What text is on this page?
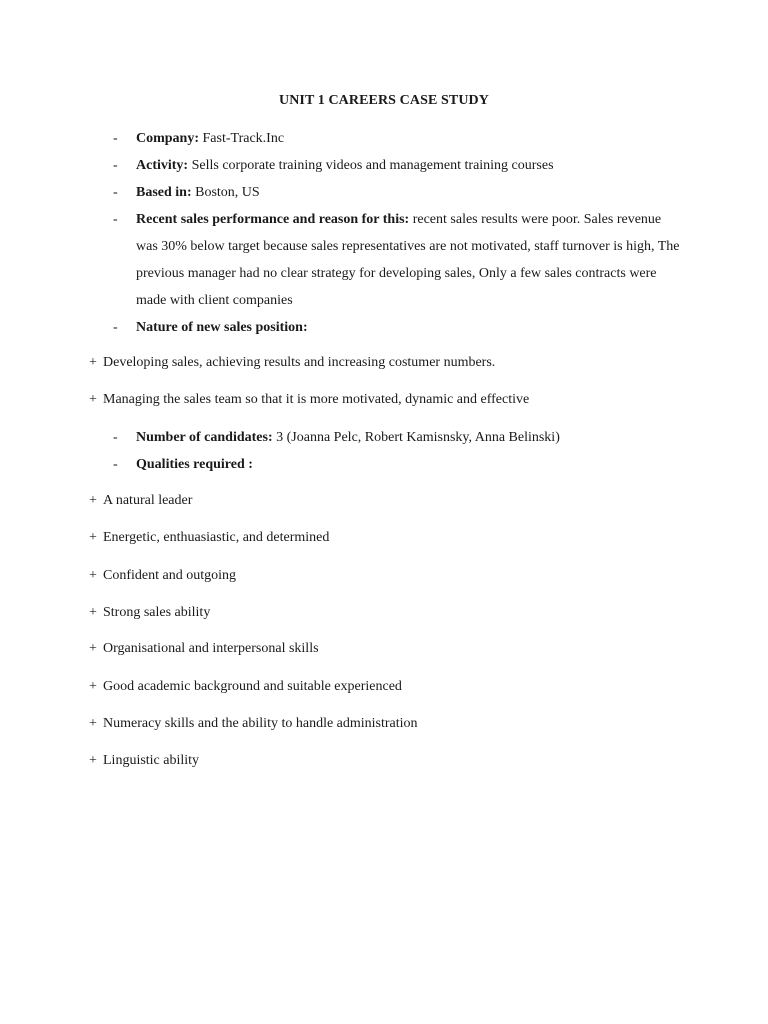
UNIT 1 CAREERS CASE STUDY
-	Company: Fast-Track.Inc
-	Activity: Sells corporate training videos and management training courses
-	Based in: Boston, US
-	Recent sales performance and reason for this: recent sales results were poor. Sales revenue was 30% below target because sales representatives are not motivated, staff turnover is high, The previous manager had no clear strategy for developing sales, Only a few sales contracts were made with client companies
-	Nature of new sales position:
+ Developing sales, achieving results and increasing costumer numbers.
+ Managing the sales team so that it is more motivated, dynamic and effective
-	Number of candidates: 3 (Joanna Pelc, Robert Kamisnsky, Anna Belinski)
-	Qualities required :
+ A natural leader
+ Energetic, enthuasiastic, and determined
+ Confident and outgoing
+ Strong sales ability
+ Organisational and interpersonal skills
+ Good academic background and suitable experienced
+ Numeracy skills and the ability to handle administration
+ Linguistic ability
